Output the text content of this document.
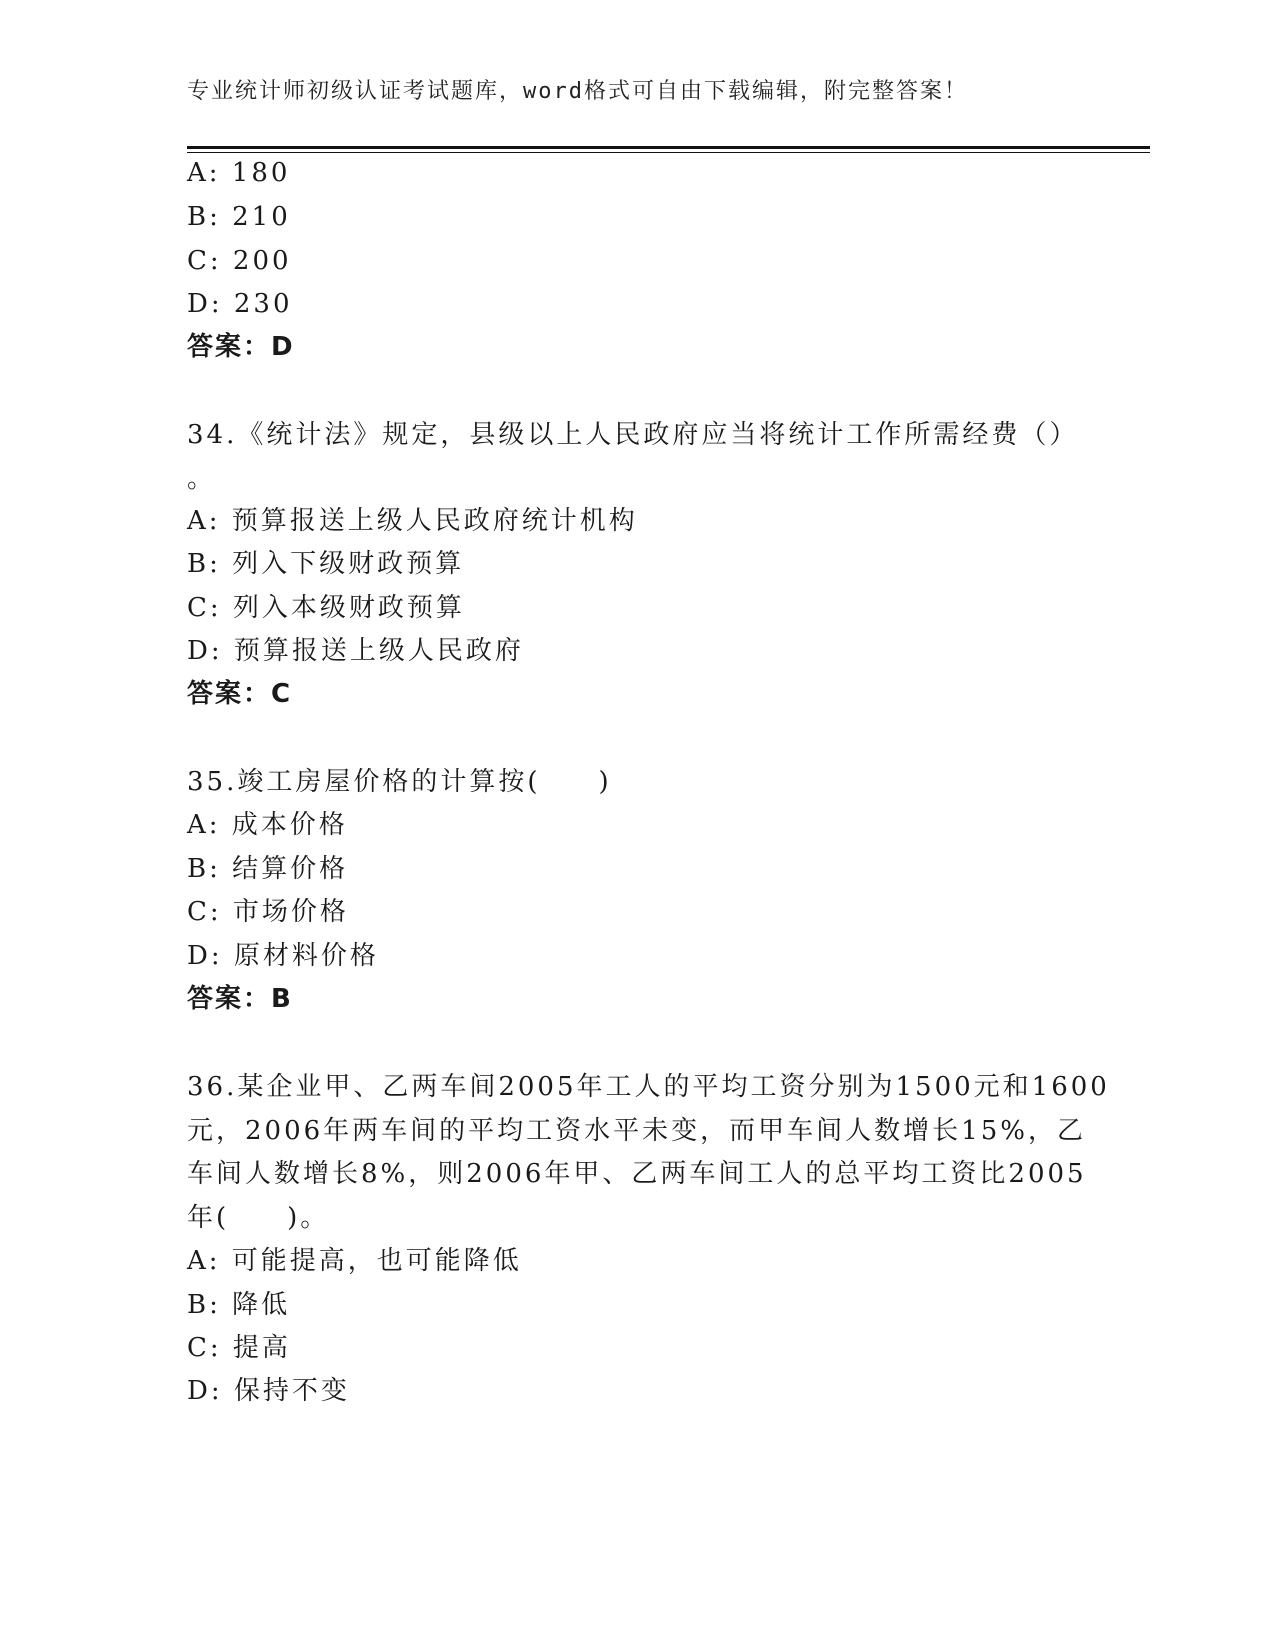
专业统计师初级认证考试题库，word格式可自由下载编辑，附完整答案！
A: 180
B: 210
C: 200
D: 230
答案：D
34.《统计法》规定，县级以上人民政府应当将统计工作所需经费（）
。
A: 预算报送上级人民政府统计机构
B: 列入下级财政预算
C: 列入本级财政预算
D: 预算报送上级人民政府
答案：C
35.竣工房屋价格的计算按(　　)
A: 成本价格
B: 结算价格
C: 市场价格
D: 原材料价格
答案：B
36.某企业甲、乙两车间2005年工人的平均工资分别为1500元和1600
元，2006年两车间的平均工资水平未变，而甲车间人数增长15%，乙
车间人数增长8%，则2006年甲、乙两车间工人的总平均工资比2005
年(　　)。
A: 可能提高，也可能降低
B: 降低
C: 提高
D: 保持不变
